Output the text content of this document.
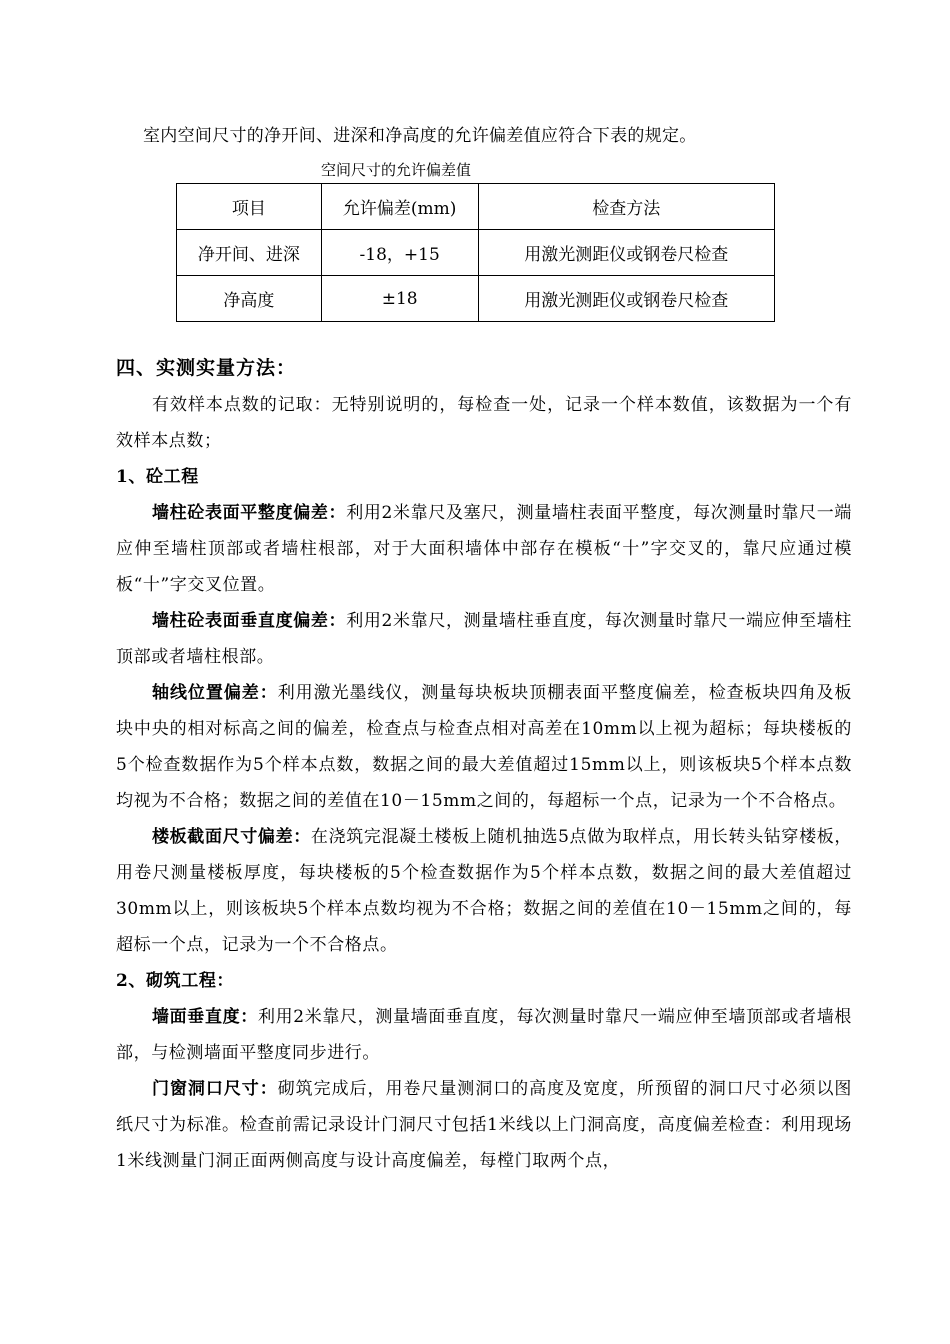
室内空间尺寸的净开间、进深和净高度的允许偏差值应符合下表的规定。
空间尺寸的允许偏差值
项目	允许偏差(mm)	检查方法
净开间、进深	-18，+15	用激光测距仪或钢卷尺检查
净高度	±18	用激光测距仪或钢卷尺检查
四、实测实量方法：

有效样本点数的记取：无特别说明的，每检查一处，记录一个样本数值，该数据为一个有效样本点数；

1、砼工程

墙柱砼表面平整度偏差：利用2米靠尺及塞尺，测量墙柱表面平整度，每次测量时靠尺一端应伸至墙柱顶部或者墙柱根部，对于大面积墙体中部存在模板“十”字交叉的，靠尺应通过模板“十”字交叉位置。

墙柱砼表面垂直度偏差：利用2米靠尺，测量墙柱垂直度，每次测量时靠尺一端应伸至墙柱顶部或者墙柱根部。

轴线位置偏差：利用激光墨线仪，测量每块板块顶棚表面平整度偏差，检查板块四角及板块中央的相对标高之间的偏差，检查点与检查点相对高差在10mm以上视为超标；每块楼板的5个检查数据作为5个样本点数，数据之间的最大差值超过15mm以上，则该板块5个样本点数均视为不合格；数据之间的差值在10－15mm之间的，每超标一个点，记录为一个不合格点。

楼板截面尺寸偏差：在浇筑完混凝土楼板上随机抽选5点做为取样点，用长转头钻穿楼板，用卷尺测量楼板厚度，每块楼板的5个检查数据作为5个样本点数，数据之间的最大差值超过30mm以上，则该板块5个样本点数均视为不合格；数据之间的差值在10－15mm之间的，每超标一个点，记录为一个不合格点。

2、砌筑工程：

墙面垂直度：利用2米靠尺，测量墙面垂直度，每次测量时靠尺一端应伸至墙顶部或者墙根部，与检测墙面平整度同步进行。

门窗洞口尺寸：砌筑完成后，用卷尺量测洞口的高度及宽度，所预留的洞口尺寸必须以图纸尺寸为标准。检查前需记录设计门洞尺寸包括1米线以上门洞高度，高度偏差检查：利用现场1米线测量门洞正面两侧高度与设计高度偏差，每樘门取两个点，
